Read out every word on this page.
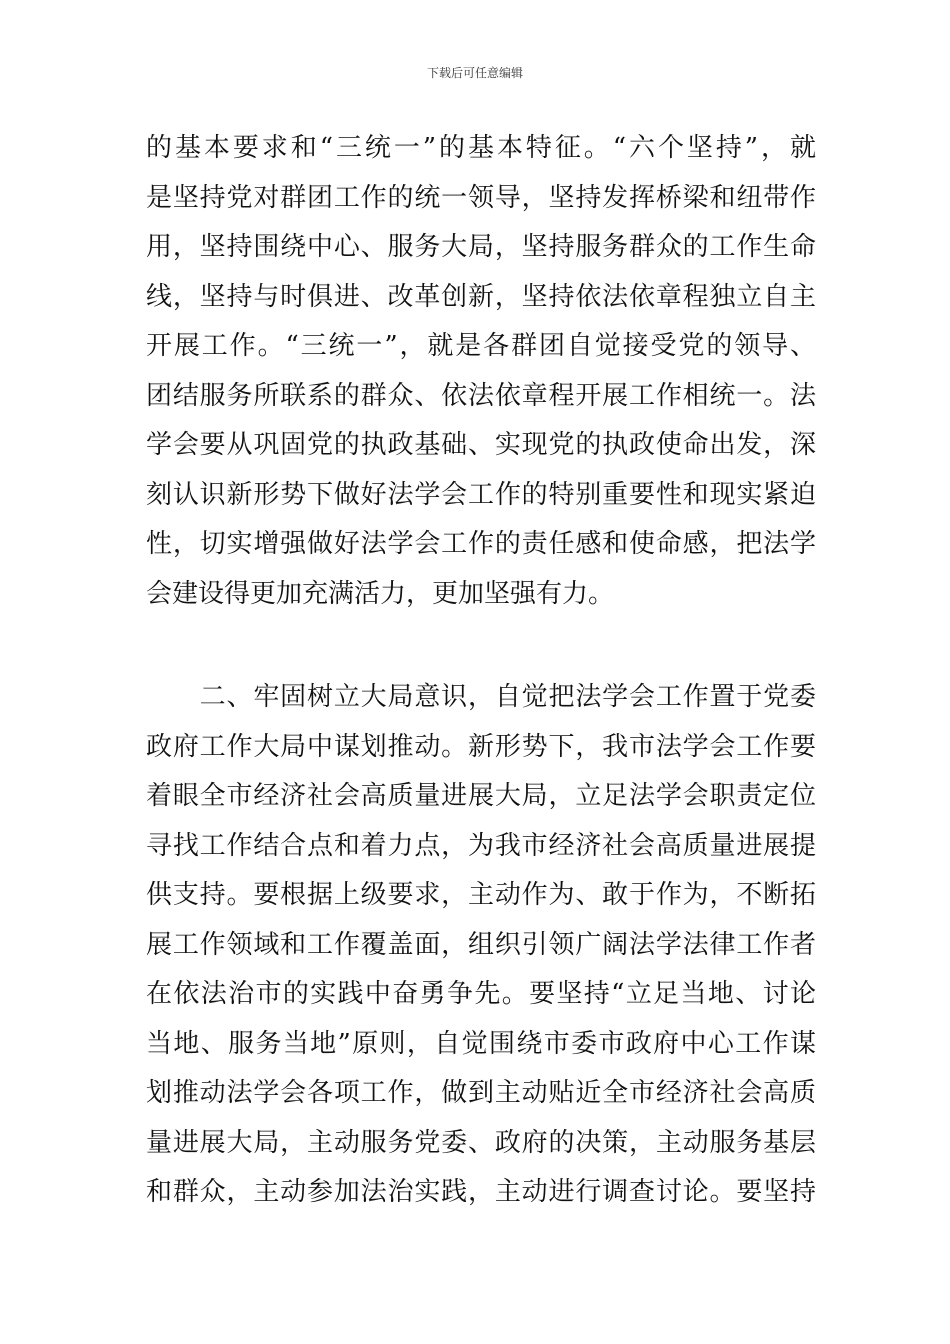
下载后可任意编辑
的基本要求和“三统一”的基本特征。“六个坚持”，就
是坚持党对群团工作的统一领导，坚持发挥桥梁和纽带作
用，坚持围绕中心、服务大局，坚持服务群众的工作生命
线，坚持与时俱进、改革创新，坚持依法依章程独立自主
开展工作。“三统一”，就是各群团自觉接受党的领导、
团结服务所联系的群众、依法依章程开展工作相统一。法
学会要从巩固党的执政基础、实现党的执政使命出发，深
刻认识新形势下做好法学会工作的特别重要性和现实紧迫
性，切实增强做好法学会工作的责任感和使命感，把法学
会建设得更加充满活力，更加坚强有力。
　　二、牢固树立大局意识，自觉把法学会工作置于党委
政府工作大局中谋划推动。新形势下，我市法学会工作要
着眼全市经济社会高质量进展大局，立足法学会职责定位
寻找工作结合点和着力点，为我市经济社会高质量进展提
供支持。要根据上级要求，主动作为、敢于作为，不断拓
展工作领域和工作覆盖面，组织引领广阔法学法律工作者
在依法治市的实践中奋勇争先。要坚持“立足当地、讨论
当地、服务当地”原则，自觉围绕市委市政府中心工作谋
划推动法学会各项工作，做到主动贴近全市经济社会高质
量进展大局，主动服务党委、政府的决策，主动服务基层
和群众，主动参加法治实践，主动进行调查讨论。要坚持
